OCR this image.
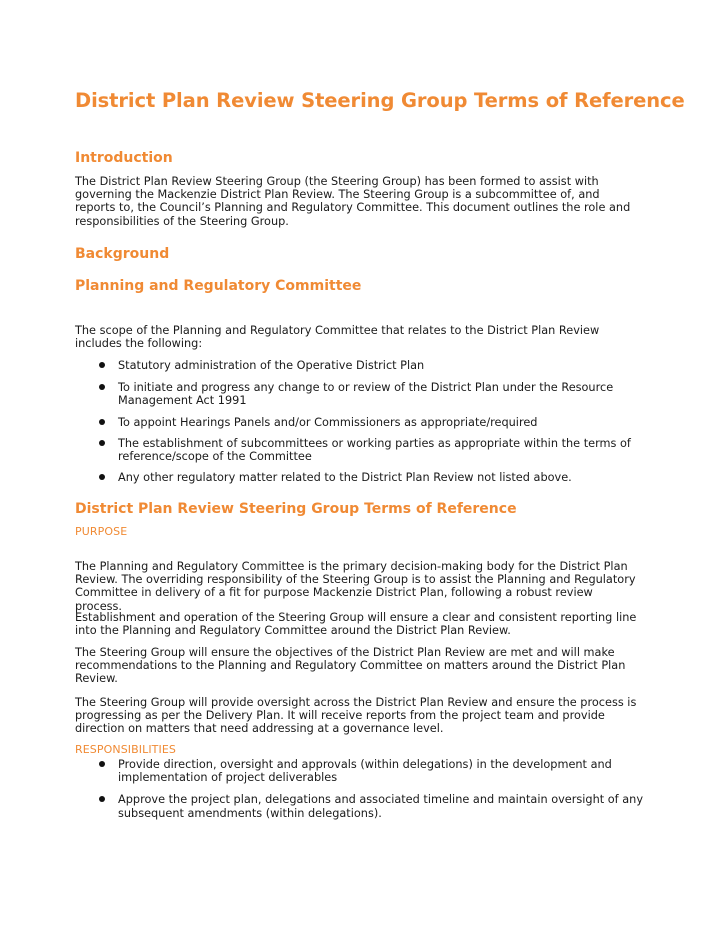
District Plan Review Steering Group Terms of Reference
Introduction

The District Plan Review Steering Group (the Steering Group) has been formed to assist with governing the Mackenzie District Plan Review. The Steering Group is a subcommittee of, and reports to, the Council’s Planning and Regulatory Committee. This document outlines the role and responsibilities of the Steering Group.

Background
Planning and Regulatory Committee

The scope of the Planning and Regulatory Committee that relates to the District Plan Review includes the following:

Statutory administration of the Operative District Plan
To initiate and progress any change to or review of the District Plan under the Resource Management Act 1991
To appoint Hearings Panels and/or Commissioners as appropriate/required
The establishment of subcommittees or working parties as appropriate within the terms of reference/scope of the Committee
Any other regulatory matter related to the District Plan Review not listed above.
District Plan Review Steering Group Terms of Reference
PURPOSE

The Planning and Regulatory Committee is the primary decision-making body for the District Plan Review. The overriding responsibility of the Steering Group is to assist the Planning and Regulatory Committee in delivery of a fit for purpose Mackenzie District Plan, following a robust review process.

Establishment and operation of the Steering Group will ensure a clear and consistent reporting line into the Planning and Regulatory Committee around the District Plan Review.

The Steering Group will ensure the objectives of the District Plan Review are met and will make recommendations to the Planning and Regulatory Committee on matters around the District Plan Review.

The Steering Group will provide oversight across the District Plan Review and ensure the process is progressing as per the Delivery Plan. It will receive reports from the project team and provide direction on matters that need addressing at a governance level.

RESPONSIBILITIES
Provide direction, oversight and approvals (within delegations) in the development and implementation of project deliverables
Approve the project plan, delegations and associated timeline and maintain oversight of any subsequent amendments (within delegations).
